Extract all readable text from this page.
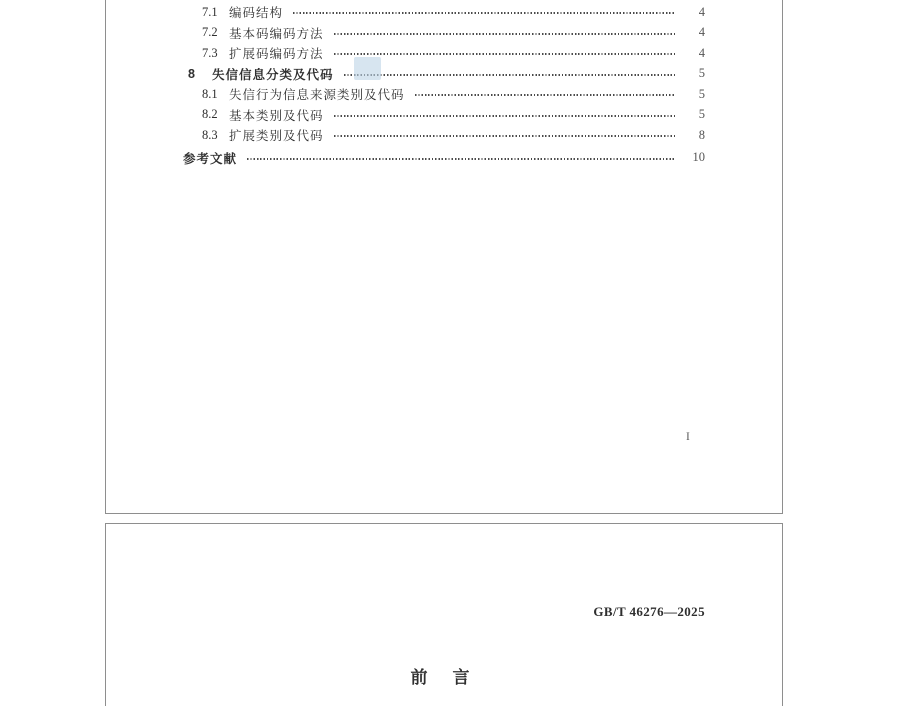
7.1 编码结构	4
7.2 基本码编码方法	4
7.3 扩展码编码方法	4
8 失信信息分类及代码	5
8.1 失信行为信息来源类别及代码	5
8.2 基本类别及代码	5
8.3 扩展类别及代码	8
参考文献	10
I
GB/T 46276—2025
前　言
